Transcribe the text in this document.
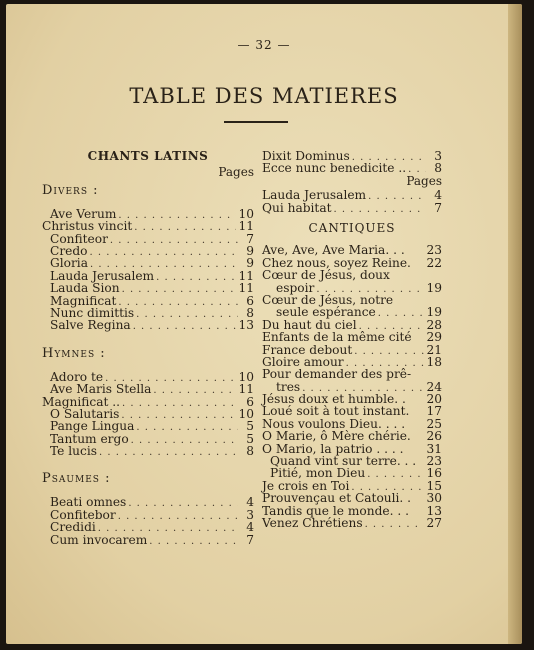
— 32 —
TABLE DES MATIERES
CHANTS LATINS
Pages
Divers :
Ave Verum . . .	10
Christus vincit . . .	11
Confiteor . . .	7
Credo . . .	9
Gloria . . .	9
Lauda Jerusalem . . .	11
Lauda Sion . . .	11
Magnificat . . .	6
Nunc dimittis . . .	8
Salve Regina . . .	13
Hymnes :
Adoro te . . .	10
Ave Maris Stella . . .	11
Magnificat .. . . .	6
O Salutaris . . .	10
Pange Lingua . . .	5
Tantum ergo . . .	5
Te lucis . . .	8
Psaumes :
Beati omnes . . .	4
Confitebor . . .	3
Credidi . . .	4
Cum invocarem . . .	7
Dixit Dominus . . .	3
Ecce nunc benedicite .. . . .	8
Pages
Lauda Jerusalem . . .	4
Qui habitat . . .	7
CANTIQUES
Ave, Ave, Ave Maria. . . 23
Chez nous, soyez Reine. 22
Cœur de Jésus, doux
espoir . . .	19
Cœur de Jésus, notre
seule espérance . . .	19
Du haut du ciel . . .	28
Enfants de la même cité 29
France debout . . .	21
Gloire amour . . .	18
Pour demander des prê-
tres . . .	24
Jésus doux et humble. . 20
Loué soit à tout instant. 17
Nous voulons Dieu. . . . 25
O Marie, ô Mère chérie. 26
O Mario, la patrio . . . . 31
Quand vint sur terre. . . 23
Pitié, mon Dieu . . .	16
Je crois en Toi . . .	15
Prouvençau et Catouli. . 30
Tandis que le monde. . . 13
Venez Chrétiens . . .	27
